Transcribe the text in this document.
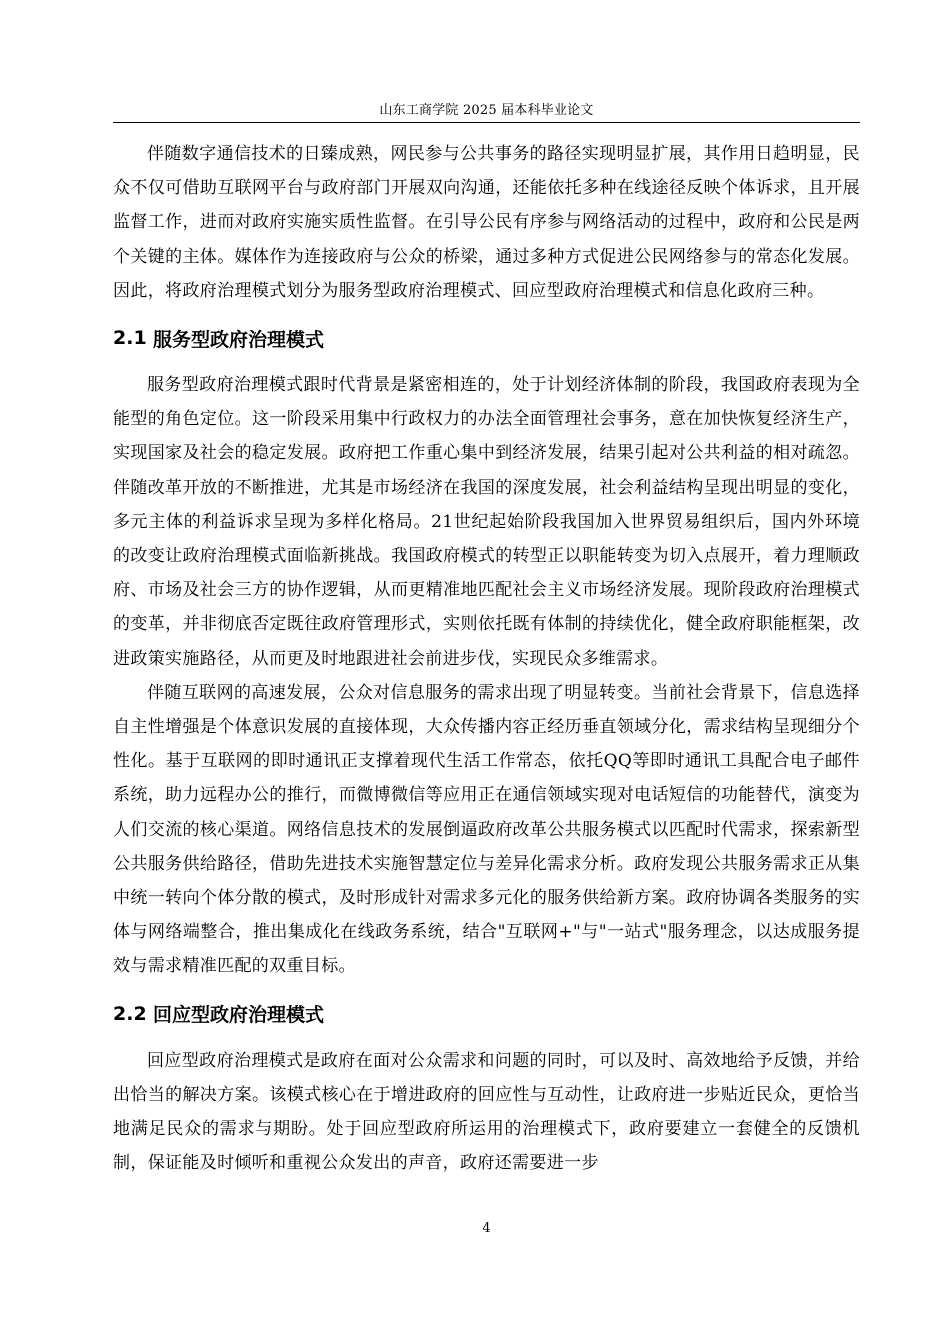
山东工商学院 2025 届本科毕业论文

伴随数字通信技术的日臻成熟，网民参与公共事务的路径实现明显扩展，其作用日趋明显，民众不仅可借助互联网平台与政府部门开展双向沟通，还能依托多种在线途径反映个体诉求，且开展监督工作，进而对政府实施实质性监督。在引导公民有序参与网络活动的过程中，政府和公民是两个关键的主体。媒体作为连接政府与公众的桥梁，通过多种方式促进公民网络参与的常态化发展。因此，将政府治理模式划分为服务型政府治理模式、回应型政府治理模式和信息化政府三种。

2.1 服务型政府治理模式

服务型政府治理模式跟时代背景是紧密相连的，处于计划经济体制的阶段，我国政府表现为全能型的角色定位。这一阶段采用集中行政权力的办法全面管理社会事务，意在加快恢复经济生产，实现国家及社会的稳定发展。政府把工作重心集中到经济发展，结果引起对公共利益的相对疏忽。伴随改革开放的不断推进，尤其是市场经济在我国的深度发展，社会利益结构呈现出明显的变化，多元主体的利益诉求呈现为多样化格局。21世纪起始阶段我国加入世界贸易组织后，国内外环境的改变让政府治理模式面临新挑战。我国政府模式的转型正以职能转变为切入点展开，着力理顺政府、市场及社会三方的协作逻辑，从而更精准地匹配社会主义市场经济发展。现阶段政府治理模式的变革，并非彻底否定既往政府管理形式，实则依托既有体制的持续优化，健全政府职能框架，改进政策实施路径，从而更及时地跟进社会前进步伐，实现民众多维需求。

伴随互联网的高速发展，公众对信息服务的需求出现了明显转变。当前社会背景下，信息选择自主性增强是个体意识发展的直接体现，大众传播内容正经历垂直领域分化，需求结构呈现细分个性化。基于互联网的即时通讯正支撑着现代生活工作常态，依托QQ等即时通讯工具配合电子邮件系统，助力远程办公的推行，而微博微信等应用正在通信领域实现对电话短信的功能替代，演变为人们交流的核心渠道。网络信息技术的发展倒逼政府改革公共服务模式以匹配时代需求，探索新型公共服务供给路径，借助先进技术实施智慧定位与差异化需求分析。政府发现公共服务需求正从集中统一转向个体分散的模式，及时形成针对需求多元化的服务供给新方案。政府协调各类服务的实体与网络端整合，推出集成化在线政务系统，结合"互联网+"与"一站式"服务理念，以达成服务提效与需求精准匹配的双重目标。

2.2 回应型政府治理模式

回应型政府治理模式是政府在面对公众需求和问题的同时，可以及时、高效地给予反馈，并给出恰当的解决方案。该模式核心在于增进政府的回应性与互动性，让政府进一步贴近民众，更恰当地满足民众的需求与期盼。处于回应型政府所运用的治理模式下，政府要建立一套健全的反馈机制，保证能及时倾听和重视公众发出的声音，政府还需要进一步

4
